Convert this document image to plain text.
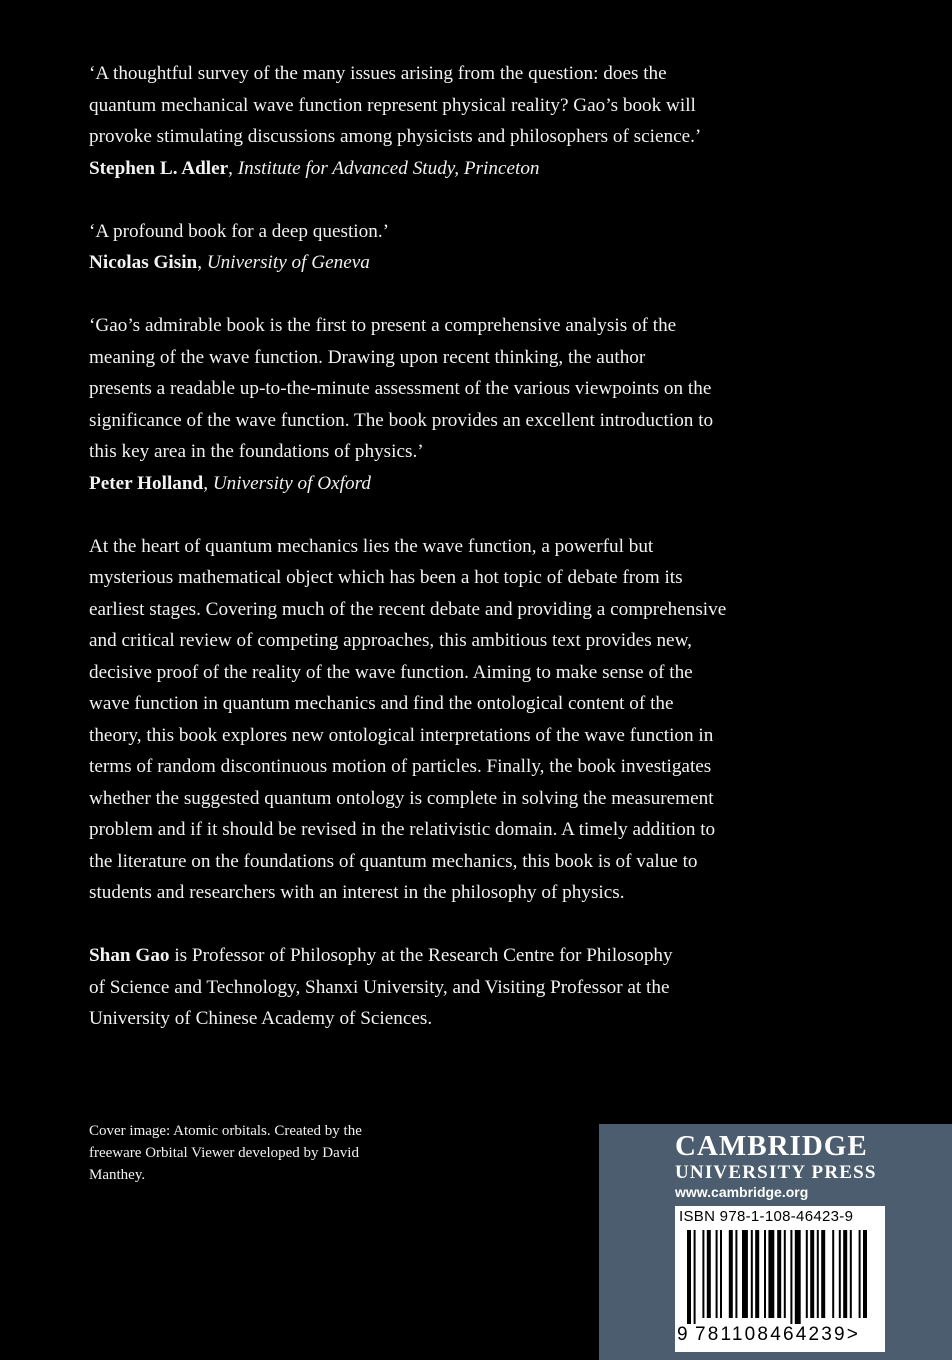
‘A thoughtful survey of the many issues arising from the question: does the
quantum mechanical wave function represent physical reality? Gao’s book will
provoke stimulating discussions among physicists and philosophers of science.’
Stephen L. Adler, Institute for Advanced Study, Princeton
‘A profound book for a deep question.’
Nicolas Gisin, University of Geneva
‘Gao’s admirable book is the first to present a comprehensive analysis of the
meaning of the wave function. Drawing upon recent thinking, the author
presents a readable up-to-the-minute assessment of the various viewpoints on the
significance of the wave function. The book provides an excellent introduction to
this key area in the foundations of physics.’
Peter Holland, University of Oxford
At the heart of quantum mechanics lies the wave function, a powerful but
mysterious mathematical object which has been a hot topic of debate from its
earliest stages. Covering much of the recent debate and providing a comprehensive
and critical review of competing approaches, this ambitious text provides new,
decisive proof of the reality of the wave function. Aiming to make sense of the
wave function in quantum mechanics and find the ontological content of the
theory, this book explores new ontological interpretations of the wave function in
terms of random discontinuous motion of particles. Finally, the book investigates
whether the suggested quantum ontology is complete in solving the measurement
problem and if it should be revised in the relativistic domain. A timely addition to
the literature on the foundations of quantum mechanics, this book is of value to
students and researchers with an interest in the philosophy of physics.
Shan Gao is Professor of Philosophy at the Research Centre for Philosophy
of Science and Technology, Shanxi University, and Visiting Professor at the
University of Chinese Academy of Sciences.
Cover image: Atomic orbitals. Created by the
freeware Orbital Viewer developed by David
Manthey.
CAMBRIDGE
UNIVERSITY PRESS
www.cambridge.org
ISBN 978-1-108-46423-9
9 781108464239>
